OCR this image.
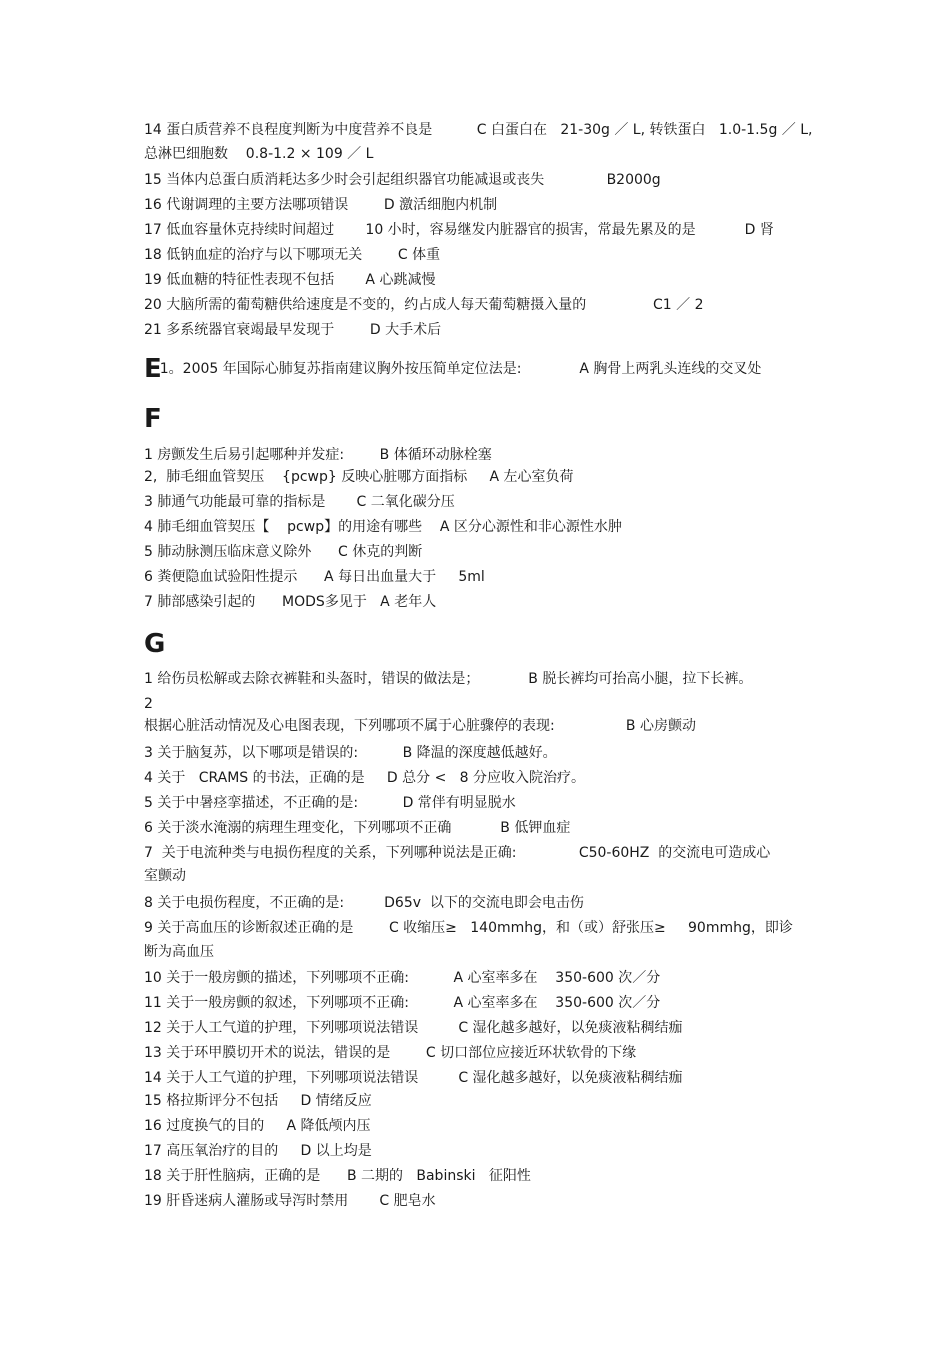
14 蛋白质营养不良程度判断为中度营养不良是          C 白蛋白在   21-30g ／ L, 转铁蛋白   1.0-1.5g ／ L,
总淋巴细胞数    0.8-1.2 × 109 ／ L
15 当体内总蛋白质消耗达多少时会引起组织器官功能减退或丧失              B2000g
16 代谢调理的主要方法哪项错误        D 激活细胞内机制
17 低血容量休克持续时间超过       10 小时，容易继发内脏器官的损害，常最先累及的是           D 肾
18 低钠血症的治疗与以下哪项无关        C 体重
19 低血糖的特征性表现不包括       A 心跳减慢
20 大脑所需的葡萄糖供给速度是不变的，约占成人每天葡萄糖摄入量的               C1 ／ 2
21 多系统器官衰竭最早发现于        D 大手术后
E1。2005 年国际心肺复苏指南建议胸外按压简单定位法是:             A 胸骨上两乳头连线的交叉处
F
1 房颤发生后易引起哪种并发症:        B 体循环动脉栓塞
2,  肺毛细血管契压    {pcwp} 反映心脏哪方面指标     A 左心室负荷
3 肺通气功能最可靠的指标是       C 二氧化碳分压
4 肺毛细血管契压【    pcwp】的用途有哪些    A 区分心源性和非心源性水肿
5 肺动脉测压临床意义除外      C 休克的判断
6 粪便隐血试验阳性提示      A 每日出血量大于     5ml
7 肺部感染引起的      MODS多见于   A 老年人
G
1 给伤员松解或去除衣裤鞋和头盔时，错误的做法是；           B 脱长裤均可抬高小腿，拉下长裤。
2
根据心脏活动情况及心电图表现，下列哪项不属于心脏骤停的表现:                B 心房颤动
3 关于脑复苏，以下哪项是错误的:          B 降温的深度越低越好。
4 关于   CRAMS 的书法，正确的是     D 总分 <   8 分应收入院治疗。
5 关于中暑痉挛描述，不正确的是:          D 常伴有明显脱水
6 关于淡水淹溺的病理生理变化，下列哪项不正确           B 低钾血症
7  关于电流种类与电损伤程度的关系，下列哪种说法是正确:              C50-60HZ  的交流电可造成心
室颤动
8 关于电损伤程度，不正确的是:         D65v  以下的交流电即会电击伤
9 关于高血压的诊断叙述正确的是        C 收缩压≥   140mmhg，和（或）舒张压≥     90mmhg，即诊
断为高血压
10 关于一般房颤的描述，下列哪项不正确:          A 心室率多在    350-600 次／分
11 关于一般房颤的叙述，下列哪项不正确:          A 心室率多在    350-600 次／分
12 关于人工气道的护理，下列哪项说法错误         C 湿化越多越好，以免痰液粘稠结痂
13 关于环甲膜切开术的说法，错误的是        C 切口部位应接近环状软骨的下缘
14 关于人工气道的护理，下列哪项说法错误         C 湿化越多越好，以免痰液粘稠结痂
15 格拉斯评分不包括     D 情绪反应
16 过度换气的目的     A 降低颅内压
17 高压氧治疗的目的     D 以上均是
18 关于肝性脑病，正确的是      B 二期的   Babinski   征阳性
19 肝昏迷病人灌肠或导泻时禁用       C 肥皂水
